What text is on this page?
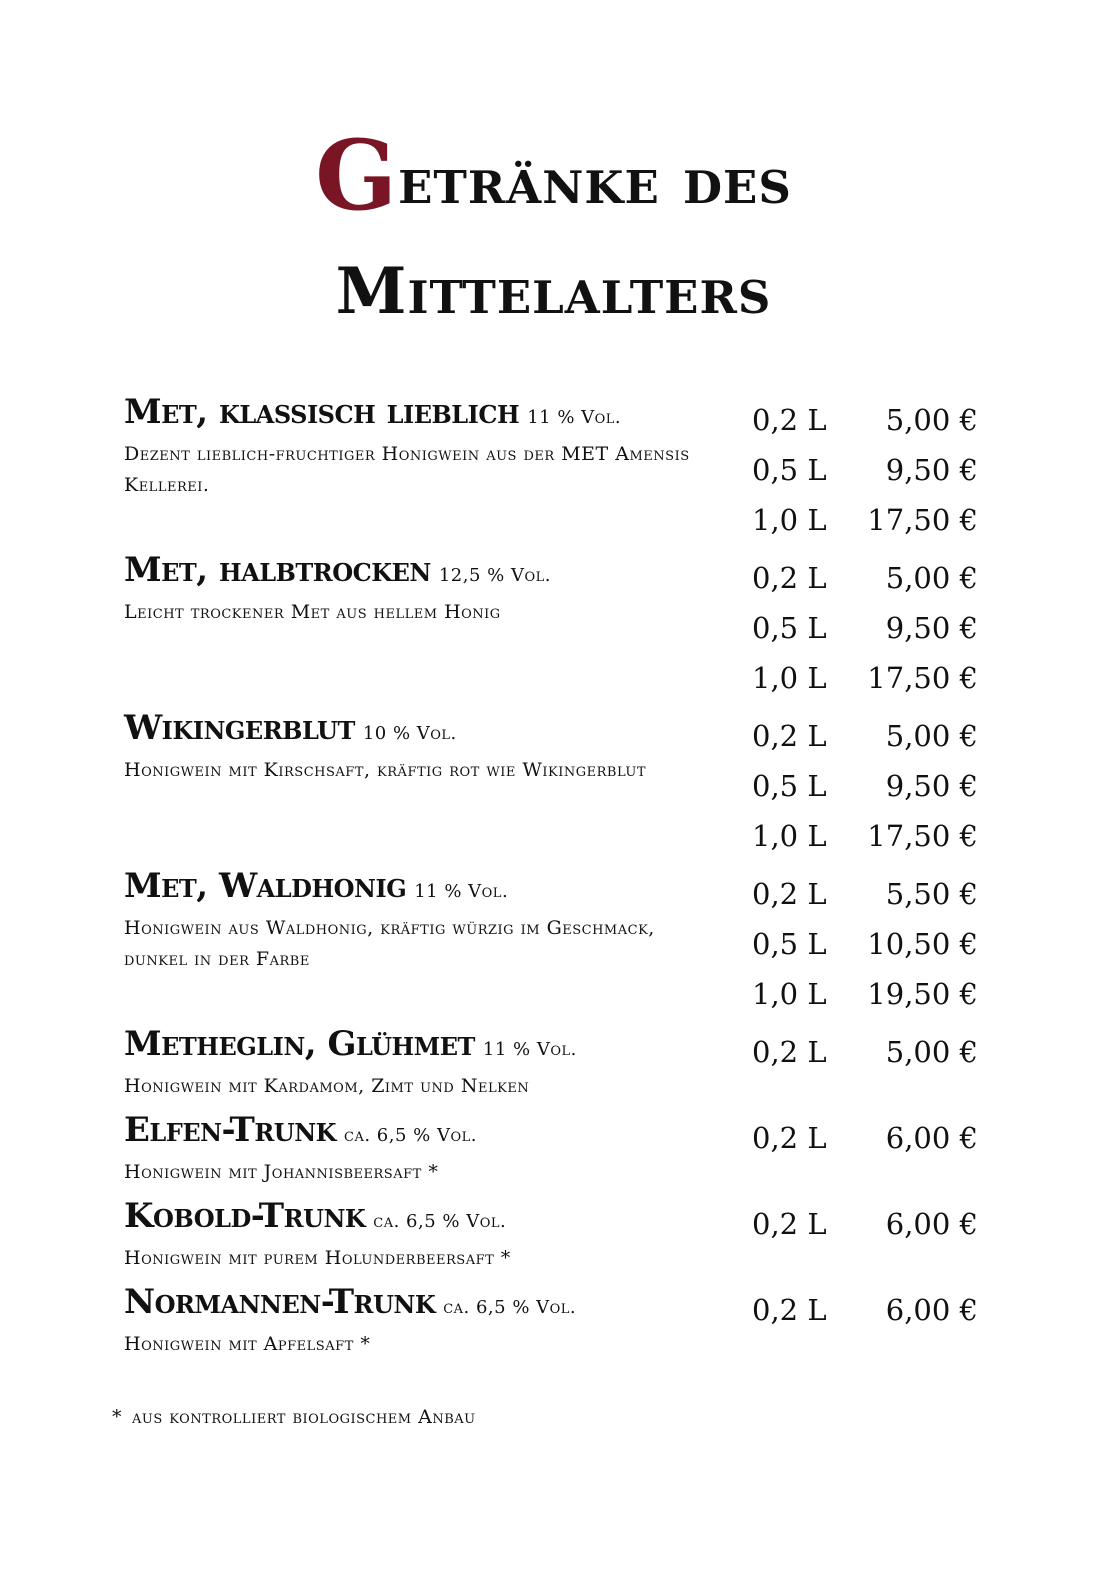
Getränke des
Mittelalters
Met, klassisch lieblich 11 % Vol.
Dezent lieblich-fruchtiger Honigwein aus der MET Amensis Kellerei.
0,2 L 5,00 €
0,5 L 9,50 €
1,0 L 17,50 €
Met, halbtrocken 12,5 % Vol.
Leicht trockener Met aus hellem Honig
0,2 L 5,00 €
0,5 L 9,50 €
1,0 L 17,50 €
Wikingerblut 10 % Vol.
Honigwein mit Kirschsaft, kräftig rot wie Wikingerblut
0,2 L 5,00 €
0,5 L 9,50 €
1,0 L 17,50 €
Met, Waldhonig 11 % Vol.
Honigwein aus Waldhonig, kräftig würzig im Geschmack, dunkel in der Farbe
0,2 L 5,50 €
0,5 L 10,50 €
1,0 L 19,50 €
Metheglin, Glühmet 11 % Vol.
Honigwein mit Kardamom, Zimt und Nelken
0,2 L 5,00 €
Elfen-Trunk ca. 6,5 % Vol.
Honigwein mit Johannisbeersaft *
0,2 L 6,00 €
Kobold-Trunk ca. 6,5 % Vol.
Honigwein mit purem Holunderbeersaft *
0,2 L 6,00 €
Normannen-Trunk ca. 6,5 % Vol.
Honigwein mit Apfelsaft *
0,2 L 6,00 €
* aus kontrolliert biologischem Anbau
